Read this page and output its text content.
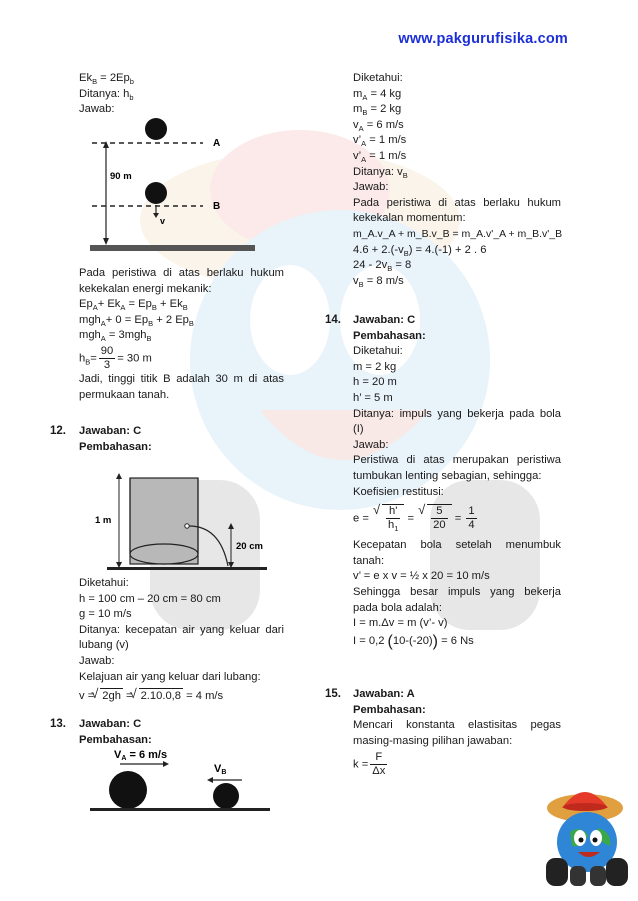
www.pakgurufisika.com
$Ek_B = 2Ep_b$
Ditanya: $h_b$
Jawab:
A
B
90 m
v
Pada peristiwa di atas berlaku hukum kekekalan energi mekanik:
$Ep_A+ Ek_A = Ep_B + Ek_B$
$mgh_A+ 0 = Ep_B + 2$ $Ep_B$
mgh$_A$ = 3mgh$_B$
$h_B= \frac{90}{3} = 30$ m
Jadi, tinggi titik B adalah 30 m di atas permukaan tanah.
12. Jawaban: C
Pembahasan:
1 m
20 cm
Diketahui:
h = 100 cm – 20 cm = 80 cm
g = 10 m/s
Ditanya: kecepatan air yang keluar dari lubang (v)
Jawab:
Kelajuan air yang keluar dari lubang:
v = √ 2gh = √ 2.10.0,8 = 4 m/s
13. Jawaban: C
Pembahasan:
VA = 6 m/s
VB
Diketahui:
$m_A = 4$ kg
$m_B = 2$ kg
$v_A = 6$ m/s
$v’_A = 1$ m/s
$v’_A = 1$ m/s
Ditanya: $v_B$
Jawab:
Pada peristiwa di atas berlaku hukum kekekalan momentum:
m_A.v_A + m_B.v_B = m_A.v'_A + m_B.v'_B
$4.6 + 2.(-v_B) = 4.(-1) + 2$ . 6
$24 - 2v_B = 8$
$v_B = 8$ m/s
14. Jawaban: C
Pembahasan:
Diketahui:
m = 2 kg
h = 20 m
h’ = 5 m
Ditanya: impuls yang bekerja pada bola (I)
Jawab:
Peristiwa di atas merupakan peristiwa tumbukan lenting sebagian, sehingga:
Koefisien restitusi:
e = √ $\frac{h'}{h_1}$ = √ $\frac{5}{20} = \frac{1}{4}$
Kecepatan bola setelah menumbuk tanah:
v’ = e x v = ½ x 20 = 10 m/s
Sehingga besar impuls yang bekerja pada bola adalah:
I = m.Δv = m (v’- v)
I = 0,2 (10-(-20)) = 6 Ns
15. Jawaban: A
Pembahasan:
Mencari konstanta elastisitas pegas masing-masing pilihan jawaban:
$k = \frac{F}{\Delta x}$
